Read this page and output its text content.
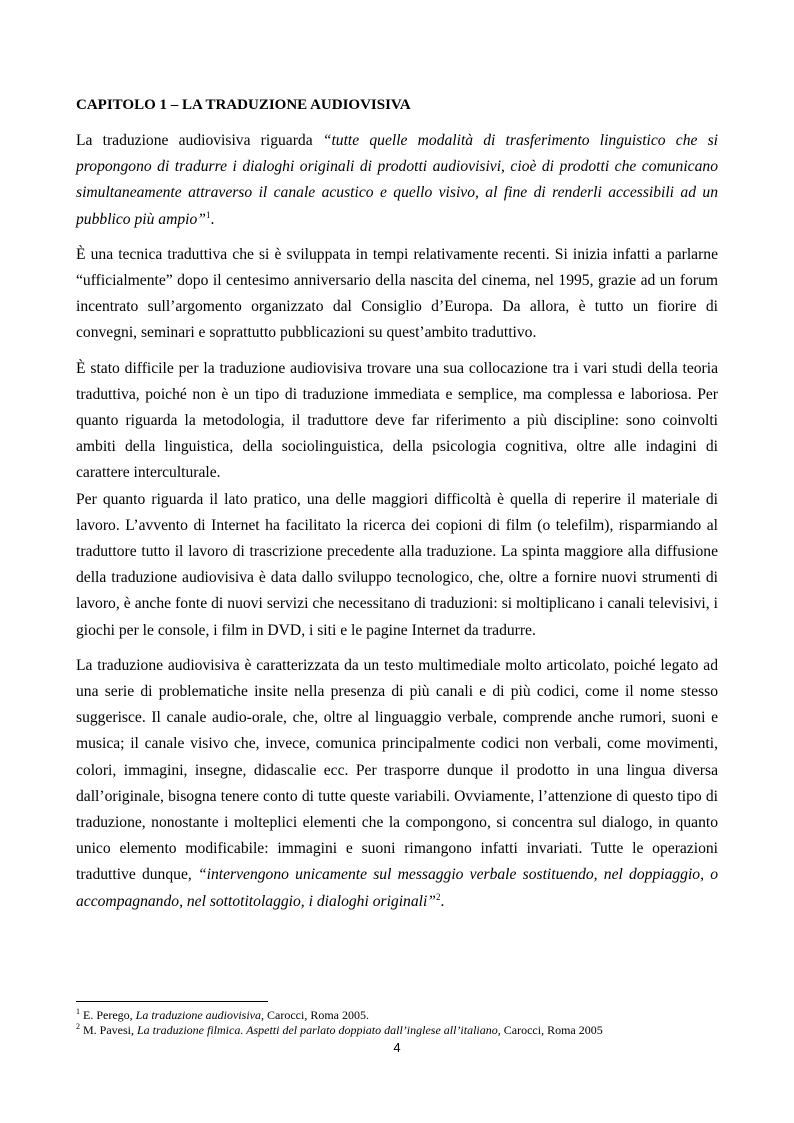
CAPITOLO 1 – LA TRADUZIONE AUDIOVISIVA

La traduzione audiovisiva riguarda “tutte quelle modalità di trasferimento linguistico che si propongono di tradurre i dialoghi originali di prodotti audiovisivi, cioè di prodotti che comunicano simultaneamente attraverso il canale acustico e quello visivo, al fine di renderli accessibili ad un pubblico più ampio”$^1$.

È una tecnica traduttiva che si è sviluppata in tempi relativamente recenti. Si inizia infatti a parlarne “ufficialmente” dopo il centesimo anniversario della nascita del cinema, nel 1995, grazie ad un forum incentrato sull’argomento organizzato dal Consiglio d’Europa. Da allora, è tutto un fiorire di convegni, seminari e soprattutto pubblicazioni su quest’ambito traduttivo.

È stato difficile per la traduzione audiovisiva trovare una sua collocazione tra i vari studi della teoria traduttiva, poiché non è un tipo di traduzione immediata e semplice, ma complessa e laboriosa. Per quanto riguarda la metodologia, il traduttore deve far riferimento a più discipline: sono coinvolti ambiti della linguistica, della sociolinguistica, della psicologia cognitiva, oltre alle indagini di carattere interculturale.

Per quanto riguarda il lato pratico, una delle maggiori difficoltà è quella di reperire il materiale di lavoro. L’avvento di Internet ha facilitato la ricerca dei copioni di film (o telefilm), risparmiando al traduttore tutto il lavoro di trascrizione precedente alla traduzione. La spinta maggiore alla diffusione della traduzione audiovisiva è data dallo sviluppo tecnologico, che, oltre a fornire nuovi strumenti di lavoro, è anche fonte di nuovi servizi che necessitano di traduzioni: si moltiplicano i canali televisivi, i giochi per le console, i film in DVD, i siti e le pagine Internet da tradurre.

La traduzione audiovisiva è caratterizzata da un testo multimediale molto articolato, poiché legato ad una serie di problematiche insite nella presenza di più canali e di più codici, come il nome stesso suggerisce. Il canale audio-orale, che, oltre al linguaggio verbale, comprende anche rumori, suoni e musica; il canale visivo che, invece, comunica principalmente codici non verbali, come movimenti, colori, immagini, insegne, didascalie ecc. Per trasporre dunque il prodotto in una lingua diversa dall’originale, bisogna tenere conto di tutte queste variabili. Ovviamente, l’attenzione di questo tipo di traduzione, nonostante i molteplici elementi che la compongono, si concentra sul dialogo, in quanto unico elemento modificabile: immagini e suoni rimangono infatti invariati. Tutte le operazioni traduttive dunque, “intervengono unicamente sul messaggio verbale sostituendo, nel doppiaggio, o accompagnando, nel sottotitolaggio, i dialoghi originali”$^2$.

$^1$ E. Perego, La traduzione audiovisiva, Carocci, Roma 2005.

$^2$ M. Pavesi, La traduzione filmica. Aspetti del parlato doppiato dall’inglese all’italiano, Carocci, Roma 2005

4
